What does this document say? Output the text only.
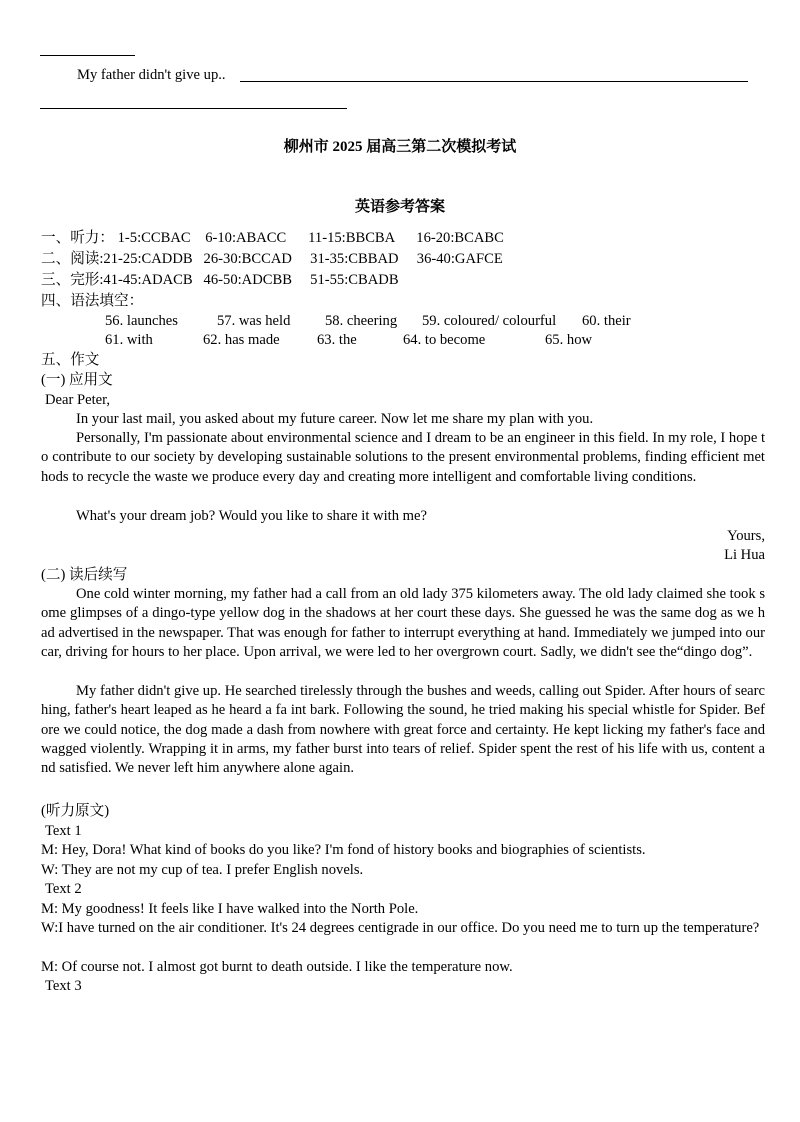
My father didn't give up..
柳州市 2025 届高三第二次模拟考试
英语参考答案
一、听力： 1-5:CCBAC    6-10:ABACC      11-15:BBCBA      16-20:BCABC
二、阅读:21-25:CADDB   26-30:BCCAD     31-35:CBBAD     36-40:GAFCE
三、完形:41-45:ADACB   46-50:ADCBB     51-55:CBADB
四、语法填空：
56. launches	57. was held 58. cheering 59. coloured/ colourful 60. their
61. with	62. has made	63. the	64. to become	65. how
五、作文
(一) 应用文
Dear Peter,
In your last mail, you asked about my future career. Now let me share my plan with you.
Personally, I'm passionate about environmental science and I dream to be an engineer in this field. In my role, I hope to contribute to our society by developing sustainable solutions to the present environmental problems, finding efficient methods to recycle the waste we produce every day and creating more intelligent and comfortable living conditions.
What's your dream job? Would you like to share it with me?
Yours,
Li Hua
(二) 读后续写
One cold winter morning, my father had a call from an old lady 375 kilometers away. The old lady claimed she took some glimpses of a dingo-type yellow dog in the shadows at her court these days. She guessed he was the same dog as we had advertised in the newspaper. That was enough for father to interrupt everything at hand. Immediately we jumped into our car, driving for hours to her place. Upon arrival, we were led to her overgrown court. Sadly, we didn't see the“dingo dog”.
My father didn't give up. He searched tirelessly through the bushes and weeds, calling out Spider. After hours of searching, father's heart leaped as he heard a fa int bark. Following the sound, he tried making his special whistle for Spider. Before we could notice, the dog made a dash from nowhere with great force and certainty. He kept licking my father's face and wagged violently. Wrapping it in arms, my father burst into tears of relief. Spider spent the rest of his life with us, content and satisfied. We never left him anywhere alone again.
(听力原文)
Text 1
M: Hey, Dora! What kind of books do you like? I'm fond of history books and biographies of scientists.
W: They are not my cup of tea. I prefer English novels.
Text 2
M: My goodness! It feels like I have walked into the North Pole.
W:I have turned on the air conditioner. It's 24 degrees centigrade in our office. Do you need me to turn up the temperature?
M: Of course not. I almost got burnt to death outside. I like the temperature now.
Text 3
